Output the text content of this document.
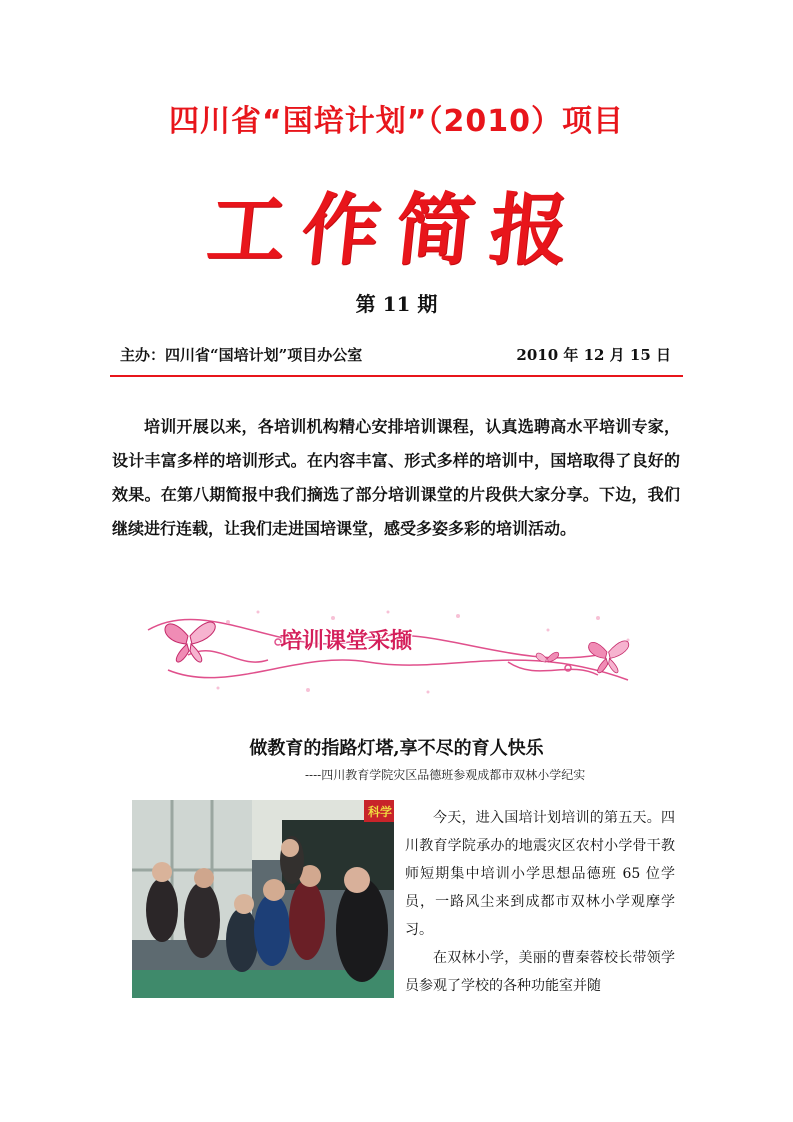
四川省“国培计划”（2010）项目
工作简报
第 11 期
主办：四川省“国培计划”项目办公室	2010 年 12 月 15 日
培训开展以来，各培训机构精心安排培训课程，认真选聘高水平培训专家，设计丰富多样的培训形式。在内容丰富、形式多样的培训中，国培取得了良好的效果。在第八期简报中我们摘选了部分培训课堂的片段供大家分享。下边，我们继续进行连载，让我们走进国培课堂，感受多姿多彩的培训活动。
培训课堂采撷
做教育的指路灯塔,享不尽的育人快乐
----四川教育学院灾区品德班参观成都市双林小学纪实
科学	今天，进入国培计划培训的第五天。四川教育学院承办的地震灾区农村小学骨干教师短期集中培训小学思想品德班 65 位学员，一路风尘来到成都市双林小学观摩学习。

在双林小学，美丽的曹秦蓉校长带领学员参观了学校的各种功能室并随
